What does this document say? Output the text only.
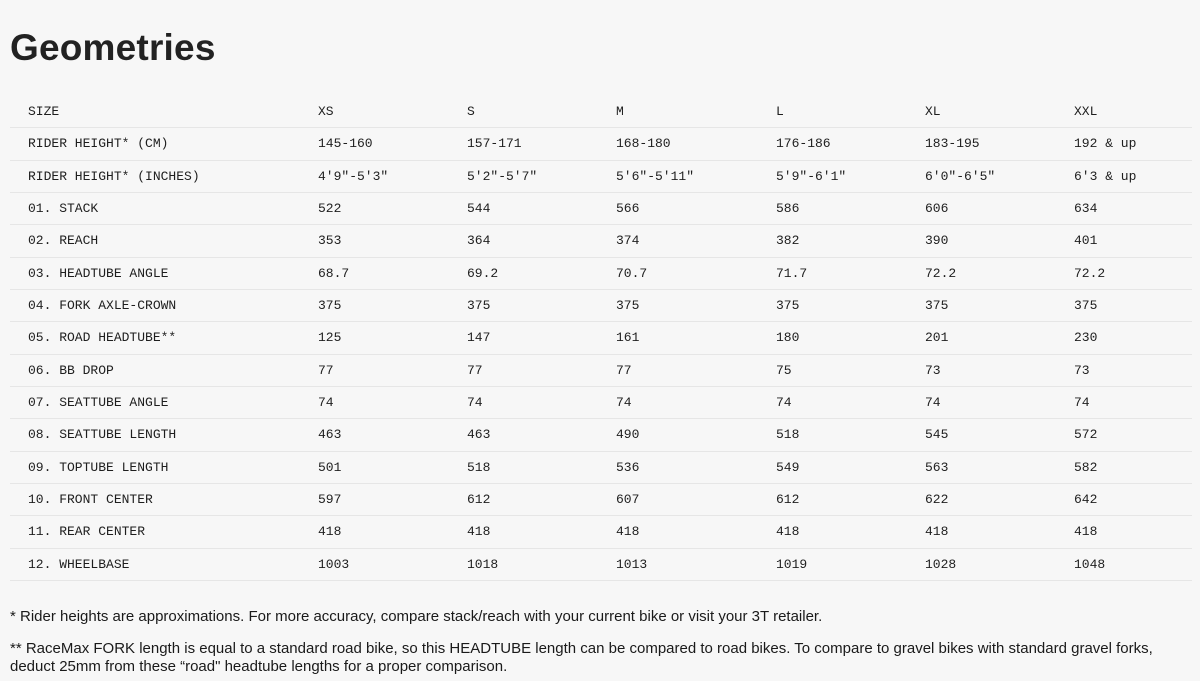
Geometries
SIZE	XS	S	M	L	XL	XXL
RIDER HEIGHT* (CM)	145-160	157-171	168-180	176-186	183-195	192 & up
RIDER HEIGHT* (INCHES)	4'9"-5'3"	5'2"-5'7"	5'6"-5'11"	5'9"-6'1"	6'0"-6'5"	6'3 & up
01. STACK	522	544	566	586	606	634
02. REACH	353	364	374	382	390	401
03. HEADTUBE ANGLE	68.7	69.2	70.7	71.7	72.2	72.2
04. FORK AXLE-CROWN	375	375	375	375	375	375
05. ROAD HEADTUBE**	125	147	161	180	201	230
06. BB DROP	77	77	77	75	73	73
07. SEATTUBE ANGLE	74	74	74	74	74	74
08. SEATTUBE LENGTH	463	463	490	518	545	572
09. TOPTUBE LENGTH	501	518	536	549	563	582
10. FRONT CENTER	597	612	607	612	622	642
11. REAR CENTER	418	418	418	418	418	418
12. WHEELBASE	1003	1018	1013	1019	1028	1048

* Rider heights are approximations. For more accuracy, compare stack/reach with your current bike or visit your 3T retailer.

** RaceMax FORK length is equal to a standard road bike, so this HEADTUBE length can be compared to road bikes. To compare to gravel bikes with standard gravel forks, deduct 25mm from these “road" headtube lengths for a proper comparison.
